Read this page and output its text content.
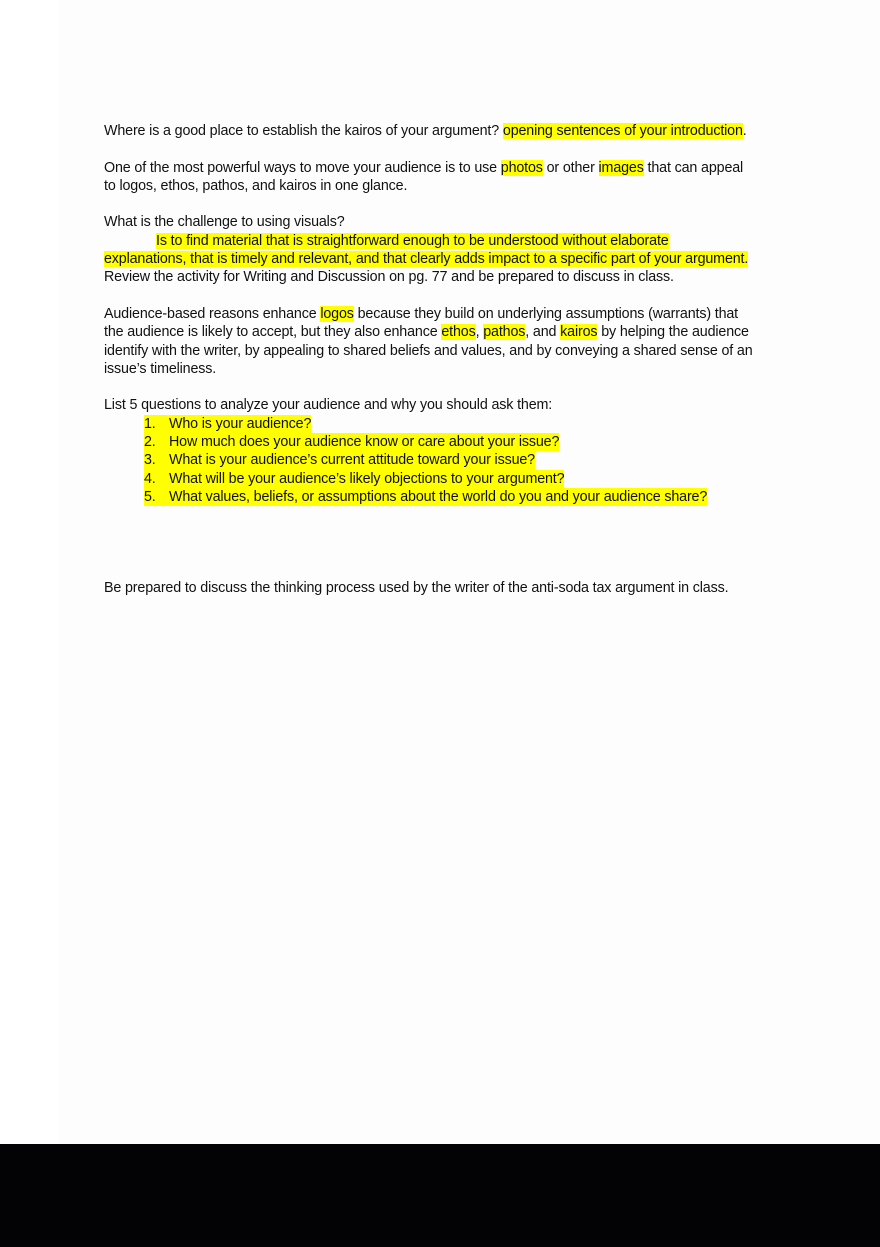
Where is a good place to establish the kairos of your argument? opening sentences of your introduction.
One of the most powerful ways to move your audience is to use photos or other images that can appeal
to logos, ethos, pathos, and kairos in one glance.
What is the challenge to using visuals?
Is to find material that is straightforward enough to be understood without elaborate
explanations, that is timely and relevant, and that clearly adds impact to a specific part of your argument.
Review the activity for Writing and Discussion on pg. 77 and be prepared to discuss in class.
Audience-based reasons enhance logos because they build on underlying assumptions (warrants) that
the audience is likely to accept, but they also enhance ethos, pathos, and kairos by helping the audience
identify with the writer, by appealing to shared beliefs and values, and by conveying a shared sense of an
issue’s timeliness.
List 5 questions to analyze your audience and why you should ask them:
1. Who is your audience?
2. How much does your audience know or care about your issue?
3. What is your audience’s current attitude toward your issue?
4. What will be your audience’s likely objections to your argument?
5. What values, beliefs, or assumptions about the world do you and your audience share?
Be prepared to discuss the thinking process used by the writer of the anti-soda tax argument in class.
